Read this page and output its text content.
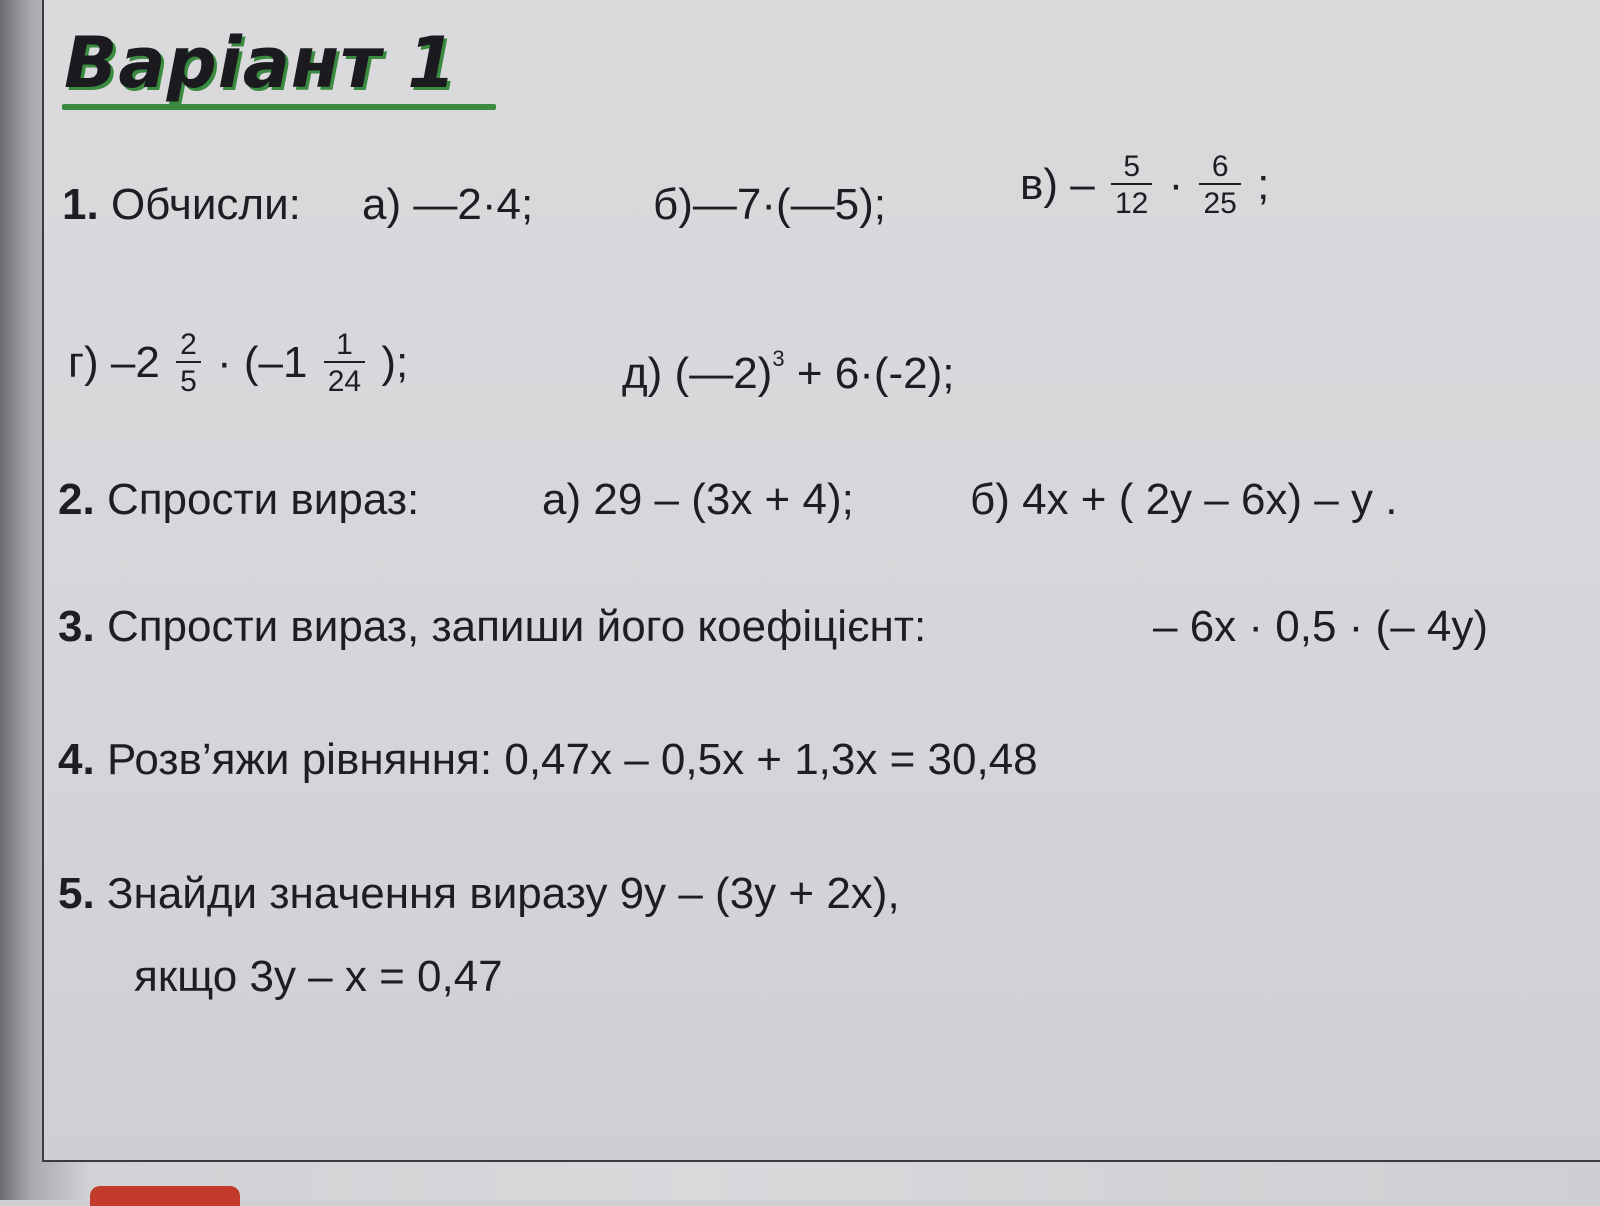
Варіант 1
1. Обчисли: а) —2·4;	б)—7·(—5);	$в) - \frac{5}{12} \cdot \frac{6}{25}$ ;
г) $-2 \frac{2}{5} \cdot (-1 \frac{1}{24}$ );	д) (—2)$^3$ + 6·(-2);
2. Спрости вираз:	а) 29 – (3x + 4);	б) 4x + ( 2y – 6x) – y .
3. Спрости вираз, запиши його коефіцієнт:	– 6x · 0,5 · (– 4y)
4. Розв’яжи рівняння: 0,47x – 0,5x + 1,3x = 30,48
5. Знайди значення виразу 9y – (3y + 2x),
якщо 3y – x = 0,47
